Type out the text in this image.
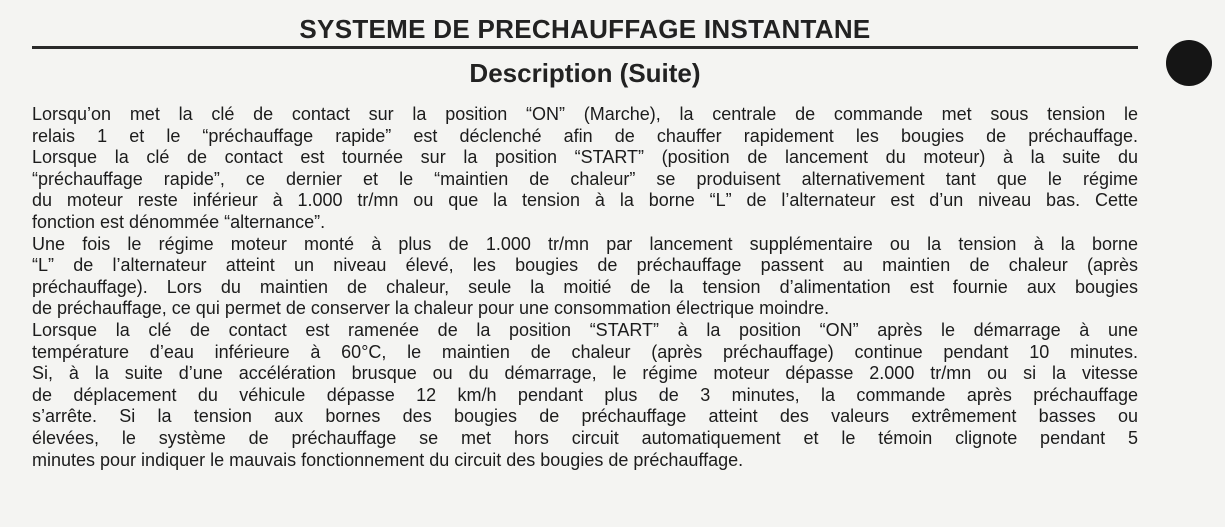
SYSTEME DE PRECHAUFFAGE INSTANTANE
Description (Suite)
Lorsqu’on met la clé de contact sur la position “ON” (Marche), la centrale de commande met sous tension le
relais 1 et le “préchauffage rapide” est déclenché afin de chauffer rapidement les bougies de préchauffage.
Lorsque la clé de contact est tournée sur la position “START” (position de lancement du moteur) à la suite du
“préchauffage rapide”, ce dernier et le “maintien de chaleur” se produisent alternativement tant que le régime
du moteur reste inférieur à 1.000 tr/mn ou que la tension à la borne “L” de l’alternateur est d’un niveau bas. Cette
fonction est dénommée “alternance”.
Une fois le régime moteur monté à plus de 1.000 tr/mn par lancement supplémentaire ou la tension à la borne
“L” de l’alternateur atteint un niveau élevé, les bougies de préchauffage passent au maintien de chaleur (après
préchauffage). Lors du maintien de chaleur, seule la moitié de la tension d’alimentation est fournie aux bougies
de préchauffage, ce qui permet de conserver la chaleur pour une consommation électrique moindre.
Lorsque la clé de contact est ramenée de la position “START” à la position “ON” après le démarrage à une
température d’eau inférieure à 60°C, le maintien de chaleur (après préchauffage) continue pendant 10 minutes.
Si, à la suite d’une accélération brusque ou du démarrage, le régime moteur dépasse 2.000 tr/mn ou si la vitesse
de déplacement du véhicule dépasse 12 km/h pendant plus de 3 minutes, la commande après préchauffage
s’arrête. Si la tension aux bornes des bougies de préchauffage atteint des valeurs extrêmement basses ou
élevées, le système de préchauffage se met hors circuit automatiquement et le témoin clignote pendant 5
minutes pour indiquer le mauvais fonctionnement du circuit des bougies de préchauffage.
